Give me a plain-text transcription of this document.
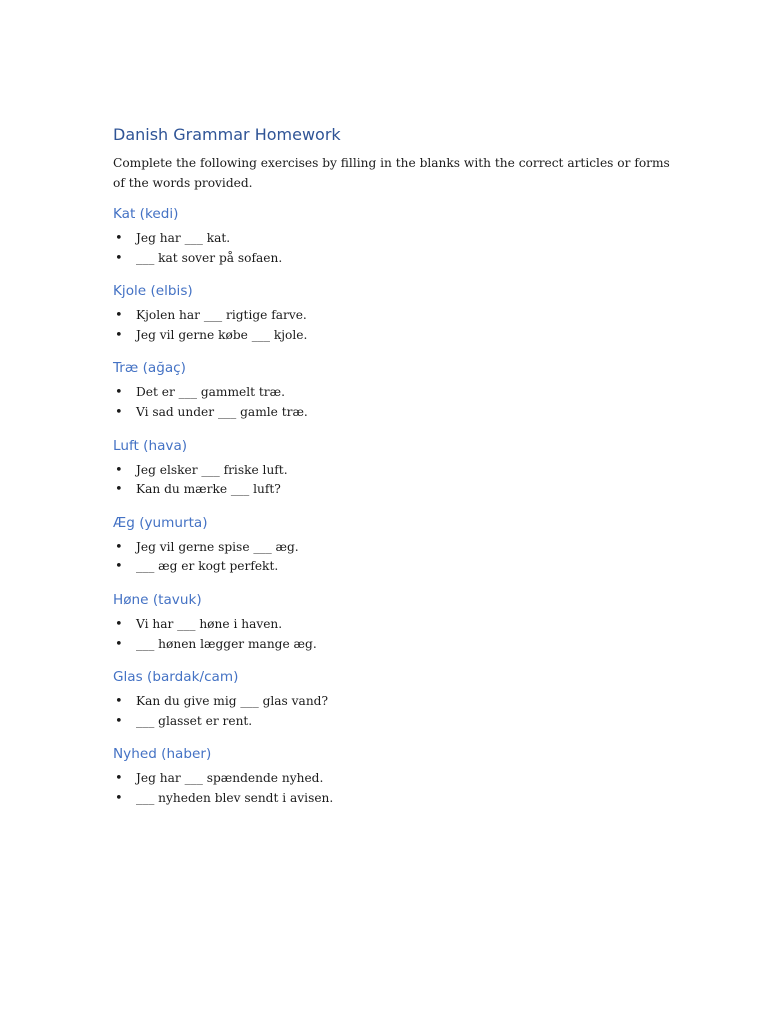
Danish Grammar Homework

Complete the following exercises by filling in the blanks with the correct articles or forms of the words provided.

Kat (kedi)
• Jeg har ___ kat.
• ___ kat sover på sofaen.
Kjole (elbis)
• Kjolen har ___ rigtige farve.
• Jeg vil gerne købe ___ kjole.
Træ (ağaç)
• Det er ___ gammelt træ.
• Vi sad under ___ gamle træ.
Luft (hava)
• Jeg elsker ___ friske luft.
• Kan du mærke ___ luft?
Æg (yumurta)
• Jeg vil gerne spise ___ æg.
• ___ æg er kogt perfekt.
Høne (tavuk)
• Vi har ___ høne i haven.
• ___ hønen lægger mange æg.
Glas (bardak/cam)
• Kan du give mig ___ glas vand?
• ___ glasset er rent.
Nyhed (haber)
• Jeg har ___ spændende nyhed.
• ___ nyheden blev sendt i avisen.
